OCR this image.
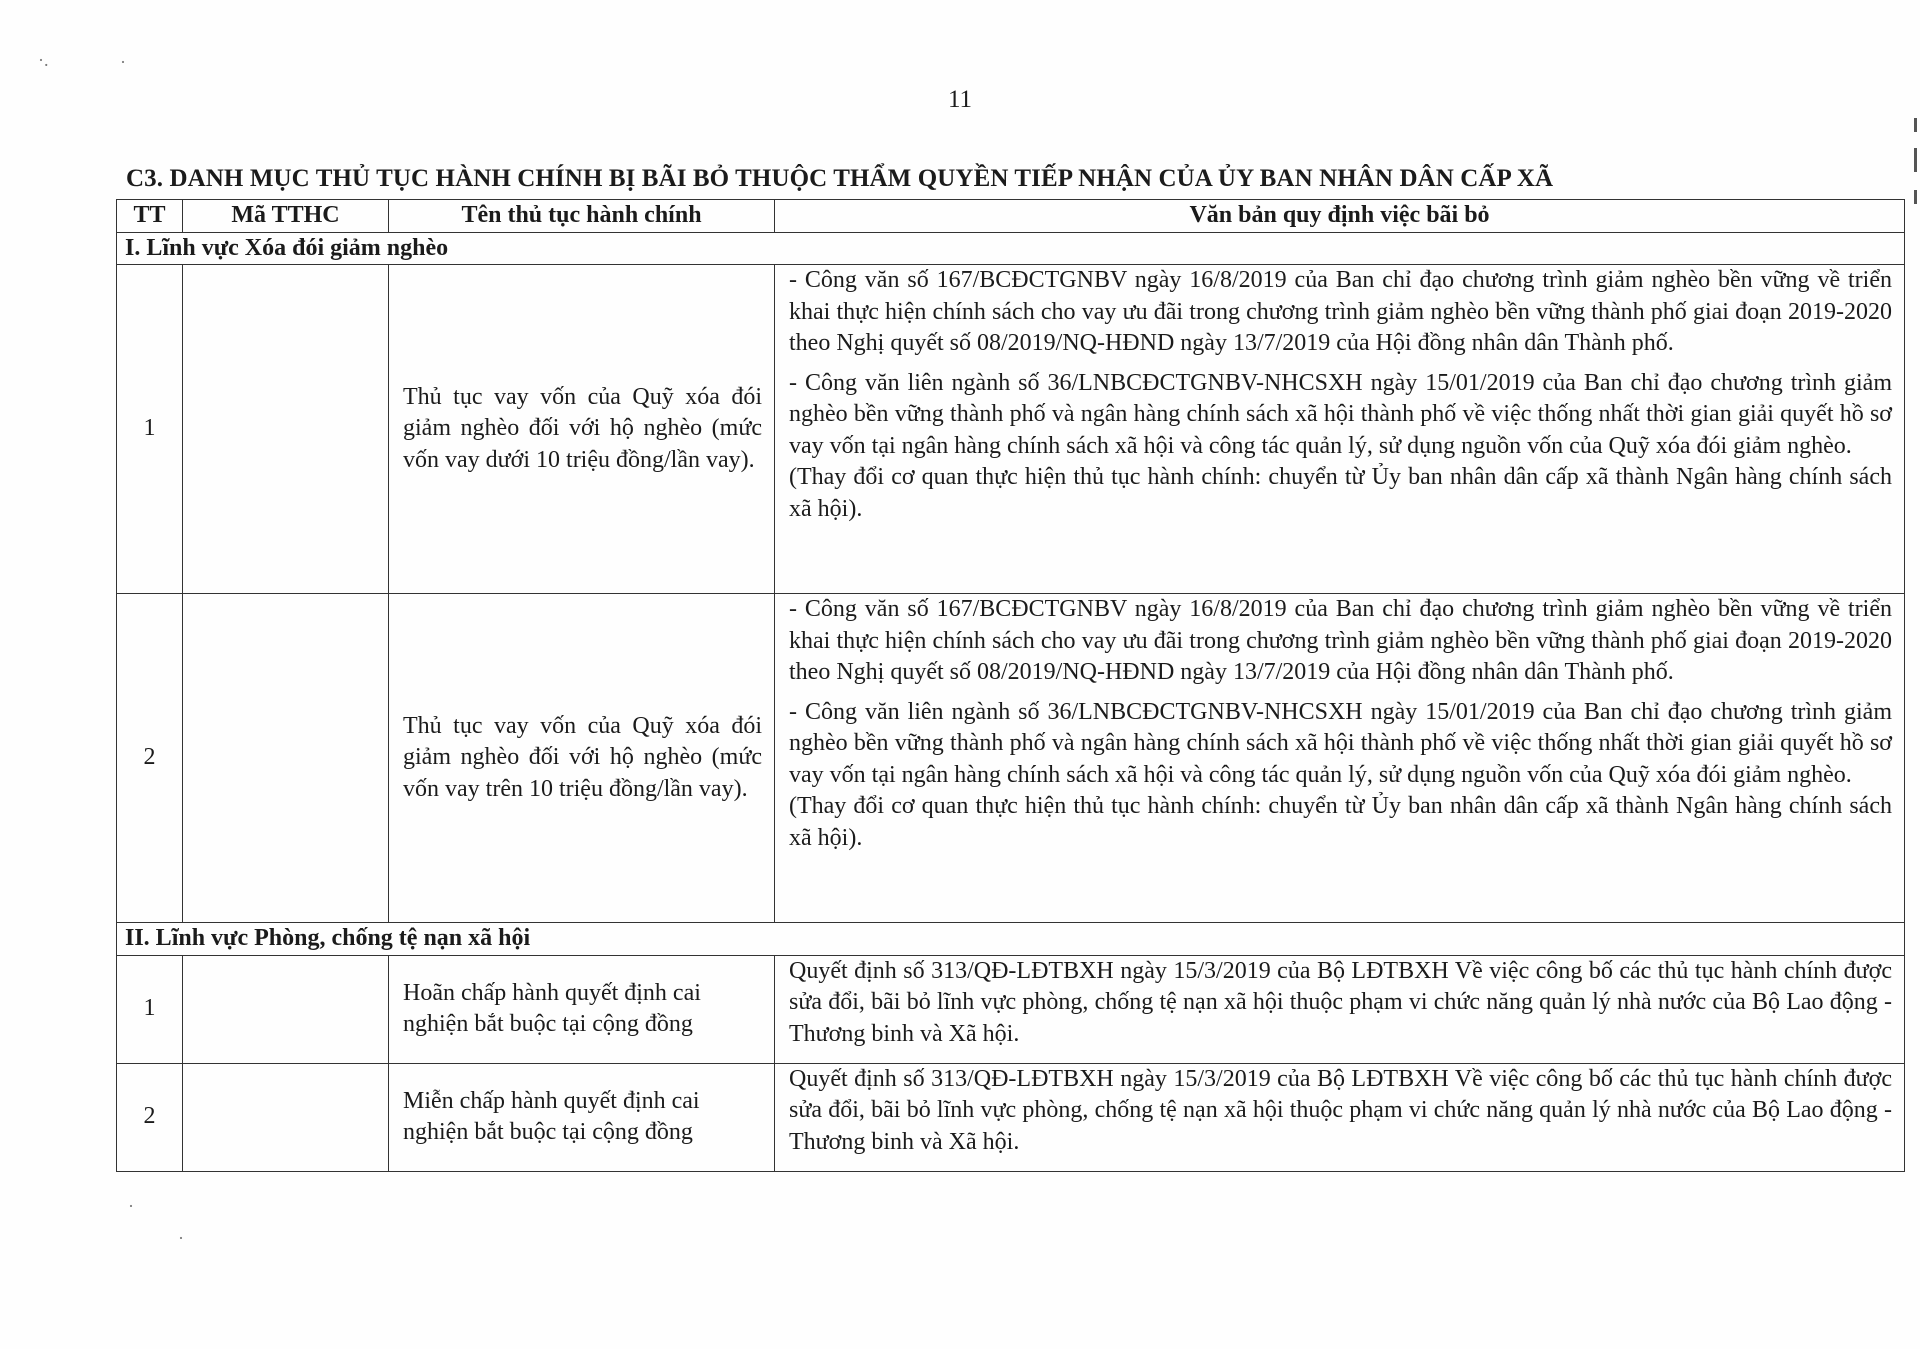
·.	·
·
·
11
C3. DANH MỤC THỦ TỤC HÀNH CHÍNH BỊ BÃI BỎ THUỘC THẨM QUYỀN TIẾP NHẬN CỦA ỦY BAN NHÂN DÂN CẤP XÃ
TT	Mã TTHC	Tên thủ tục hành chính	Văn bản quy định việc bãi bỏ
I. Lĩnh vực Xóa đói giảm nghèo			
1		Thủ tục vay vốn của Quỹ xóa đói giảm nghèo đối với hộ nghèo (mức vốn vay dưới 10 triệu đồng/lần vay).	- Công văn số 167/BCĐCTGNBV ngày 16/8/2019 của Ban chỉ đạo chương trình giảm nghèo bền vững về triển khai thực hiện chính sách cho vay ưu đãi trong chương trình giảm nghèo bền vững thành phố giai đoạn 2019-2020 theo Nghị quyết số 08/2019/NQ-HĐND ngày 13/7/2019 của Hội đồng nhân dân Thành phố.

- Công văn liên ngành số 36/LNBCĐCTGNBV-NHCSXH ngày 15/01/2019 của Ban chỉ đạo chương trình giảm nghèo bền vững thành phố và ngân hàng chính sách xã hội thành phố về việc thống nhất thời gian giải quyết hồ sơ vay vốn tại ngân hàng chính sách xã hội và công tác quản lý, sử dụng nguồn vốn của Quỹ xóa đói giảm nghèo.

(Thay đổi cơ quan thực hiện thủ tục hành chính: chuyển từ Ủy ban nhân dân cấp xã thành Ngân hàng chính sách xã hội).

2		Thủ tục vay vốn của Quỹ xóa đói giảm nghèo đối với hộ nghèo (mức vốn vay trên 10 triệu đồng/lần vay).	- Công văn số 167/BCĐCTGNBV ngày 16/8/2019 của Ban chỉ đạo chương trình giảm nghèo bền vững về triển khai thực hiện chính sách cho vay ưu đãi trong chương trình giảm nghèo bền vững thành phố giai đoạn 2019-2020 theo Nghị quyết số 08/2019/NQ-HĐND ngày 13/7/2019 của Hội đồng nhân dân Thành phố.

- Công văn liên ngành số 36/LNBCĐCTGNBV-NHCSXH ngày 15/01/2019 của Ban chỉ đạo chương trình giảm nghèo bền vững thành phố và ngân hàng chính sách xã hội thành phố về việc thống nhất thời gian giải quyết hồ sơ vay vốn tại ngân hàng chính sách xã hội và công tác quản lý, sử dụng nguồn vốn của Quỹ xóa đói giảm nghèo.

(Thay đổi cơ quan thực hiện thủ tục hành chính: chuyển từ Ủy ban nhân dân cấp xã thành Ngân hàng chính sách xã hội).

II. Lĩnh vực Phòng, chống tệ nạn xã hội			
1		Hoãn chấp hành quyết định cai nghiện bắt buộc tại cộng đồng	Quyết định số 313/QĐ-LĐTBXH ngày 15/3/2019 của Bộ LĐTBXH Về việc công bố các thủ tục hành chính được sửa đổi, bãi bỏ lĩnh vực phòng, chống tệ nạn xã hội thuộc phạm vi chức năng quản lý nhà nước của Bộ Lao động -Thương binh và Xã hội.

2		Miễn chấp hành quyết định cai nghiện bắt buộc tại cộng đồng	Quyết định số 313/QĐ-LĐTBXH ngày 15/3/2019 của Bộ LĐTBXH Về việc công bố các thủ tục hành chính được sửa đổi, bãi bỏ lĩnh vực phòng, chống tệ nạn xã hội thuộc phạm vi chức năng quản lý nhà nước của Bộ Lao động -Thương binh và Xã hội.
